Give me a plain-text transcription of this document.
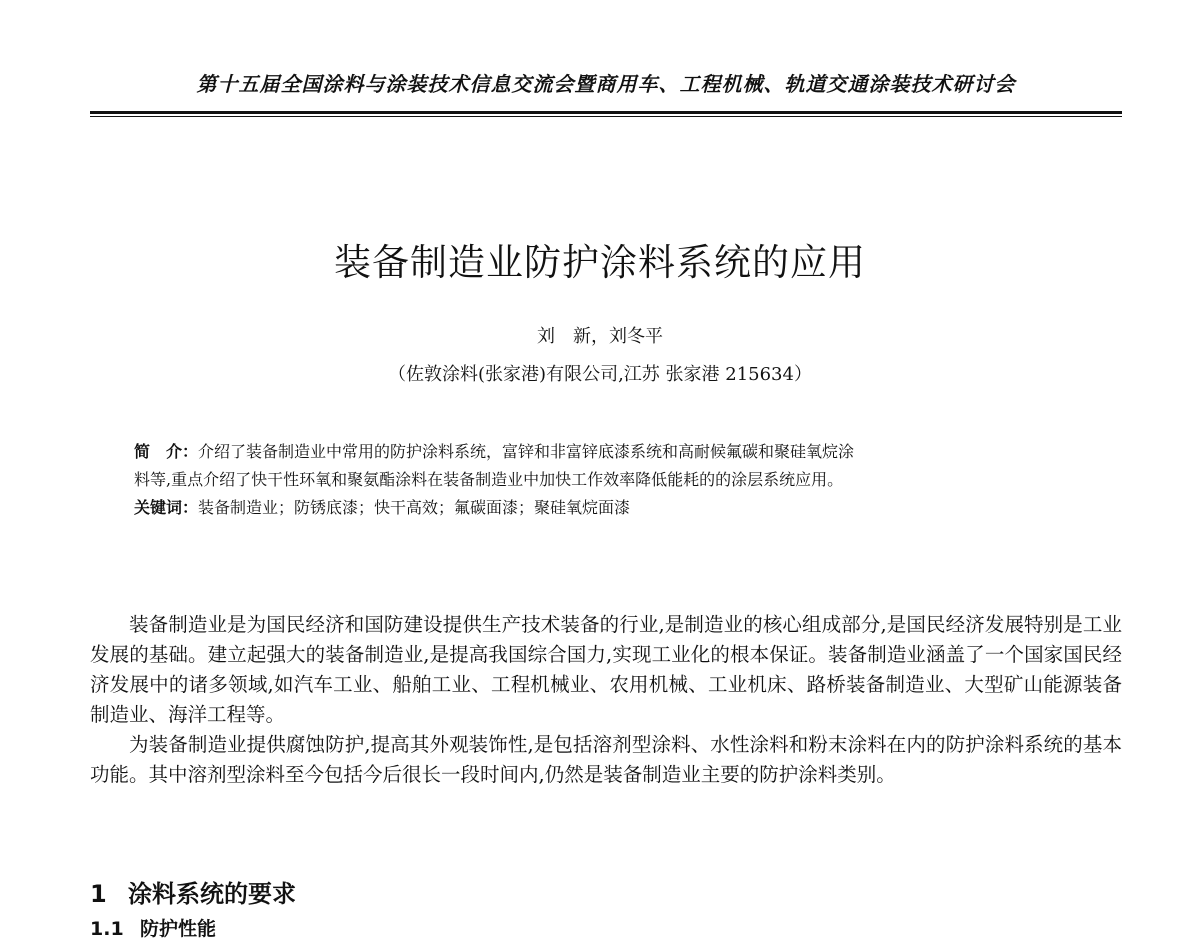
第十五届全国涂料与涂装技术信息交流会暨商用车、工程机械、轨道交通涂装技术研讨会
装备制造业防护涂料系统的应用
刘　新，刘冬平
（佐敦涂料(张家港)有限公司,江苏 张家港 215634）
简　介：介绍了装备制造业中常用的防护涂料系统，富锌和非富锌底漆系统和高耐候氟碳和聚硅氧烷涂
料等,重点介绍了快干性环氧和聚氨酯涂料在装备制造业中加快工作效率降低能耗的的涂层系统应用。
关键词：装备制造业；防锈底漆；快干高效；氟碳面漆；聚硅氧烷面漆

装备制造业是为国民经济和国防建设提供生产技术装备的行业,是制造业的核心组成部分,是国民经济发展特别是工业发展的基础。建立起强大的装备制造业,是提高我国综合国力,实现工业化的根本保证。装备制造业涵盖了一个国家国民经济发展中的诸多领域,如汽车工业、船舶工业、工程机械业、农用机械、工业机床、路桥装备制造业、大型矿山能源装备制造业、海洋工程等。

为装备制造业提供腐蚀防护,提高其外观装饰性,是包括溶剂型涂料、水性涂料和粉末涂料在内的防护涂料系统的基本功能。其中溶剂型涂料至今包括今后很长一段时间内,仍然是装备制造业主要的防护涂料类别。

1 涂料系统的要求
1.1 防护性能
